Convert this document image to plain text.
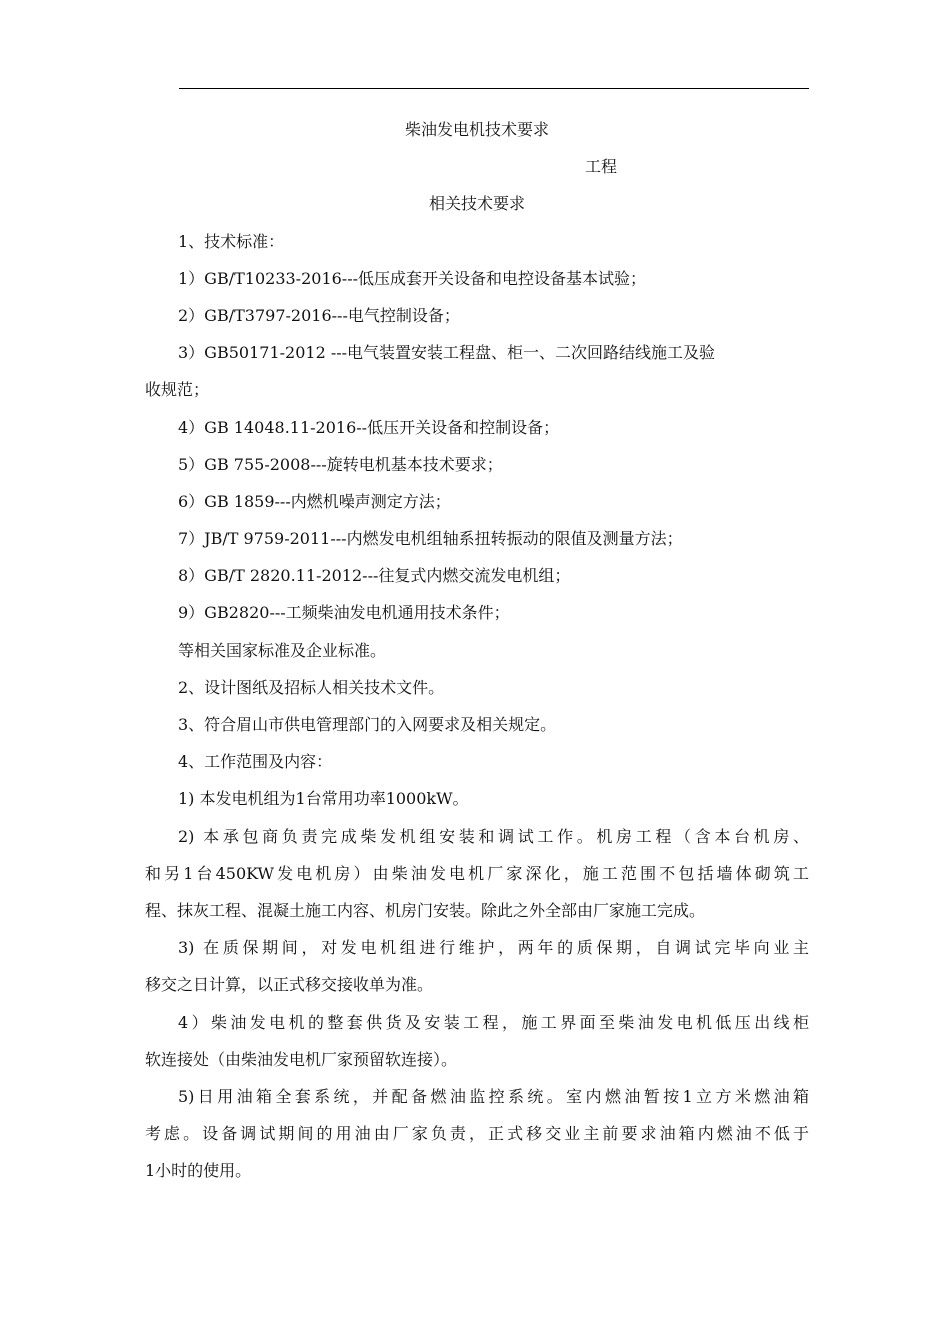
柴油发电机技术要求
工程
相关技术要求
1、技术标准：
1）GB/T10233-2016---低压成套开关设备和电控设备基本试验；
2）GB/T3797-2016---电气控制设备；
3）GB50171-2012 ---电气装置安装工程盘、柜一、二次回路结线施工及验
收规范；
4）GB 14048.11-2016--低压开关设备和控制设备；
5）GB 755-2008---旋转电机基本技术要求；
6）GB 1859---内燃机噪声测定方法；
7）JB/T 9759-2011---内燃发电机组轴系扭转振动的限值及测量方法；
8）GB/T 2820.11-2012---往复式内燃交流发电机组；
9）GB2820---工频柴油发电机通用技术条件；
等相关国家标准及企业标准。
2、设计图纸及招标人相关技术文件。
3、符合眉山市供电管理部门的入网要求及相关规定。
4、工作范围及内容：
1) 本发电机组为1台常用功率1000kW。
2) 本承包商负责完成柴发机组安装和调试工作。机房工程（含本台机房、
和另1台450KW发电机房）由柴油发电机厂家深化，施工范围不包括墙体砌筑工
程、抹灰工程、混凝土施工内容、机房门安装。除此之外全部由厂家施工完成。
3) 在质保期间，对发电机组进行维护，两年的质保期，自调试完毕向业主
移交之日计算，以正式移交接收单为准。
4）柴油发电机的整套供货及安装工程，施工界面至柴油发电机低压出线柜
软连接处（由柴油发电机厂家预留软连接）。
5)日用油箱全套系统，并配备燃油监控系统。室内燃油暂按1立方米燃油箱
考虑。设备调试期间的用油由厂家负责，正式移交业主前要求油箱内燃油不低于
1小时的使用。
